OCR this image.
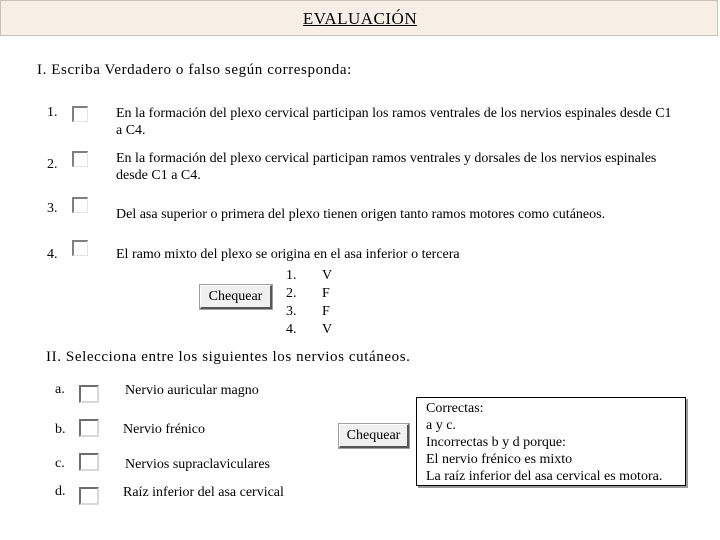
EVALUACIÓN
I. Escriba Verdadero o falso según corresponda:
1.	En la formación del plexo cervical participan los ramos ventrales de los nervios espinales desde C1 a C4.
2.	En la formación del plexo cervical participan ramos ventrales y dorsales de los nervios espinales desde C1 a C4.
3.	Del asa superior o primera del plexo tienen origen tanto ramos motores como cutáneos.
4.	El ramo mixto del plexo se origina en el asa inferior o tercera
Chequear
1.	V
2.	F
3.	F
4.	V
II. Selecciona entre los siguientes los nervios cutáneos.
a.	Nervio auricular magno
b.	Nervio frénico
c.	Nervios supraclaviculares
d.	Raíz inferior del asa cervical
Chequear
Correctas:
a y c.
Incorrectas b y d porque:
El nervio frénico es mixto
La raíz inferior del asa cervical es motora.
